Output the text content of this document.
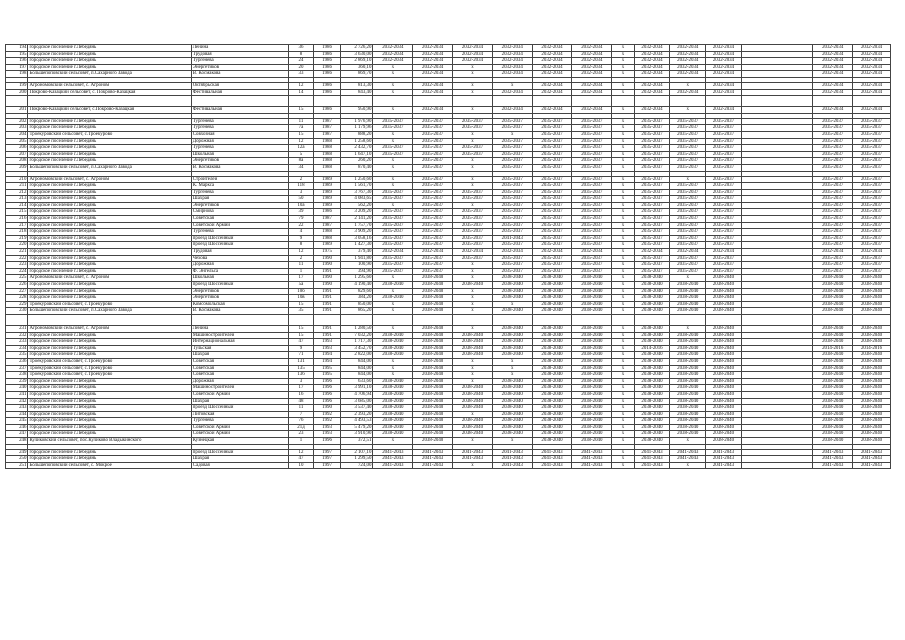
194	городское поселение г.Лебедянь	Ленина	36	1986	2 726,20	2032-2034	2032-2034	2032-2034	2032-2034	2032-2034	2032-2034	х	2032-2034	2032-2034	2032-2034		2032-2034	2032-2034
195	городское поселение г.Лебедянь	Трудовая	8	1986	3 630,00	2032-2034	2032-2034	2032-2034	2032-2034	2032-2034	2032-2034	х	2032-2034	2032-2034	2032-2034		2032-2034	2032-2034
196	городское поселение г.Лебедянь	Тургенева	24	1986	2 869,10	2032-2034	2032-2034	2032-2034	2032-2034	2032-2034	2032-2034	х	2032-2034	2032-2034	2032-2034		2032-2034	2032-2034
197	городское поселение г.Лебедянь	Энергетиков	20	1986	360,10	х	2032-2034	х	2032-2034	2032-2034	2032-2034	х	2032-2034	2032-2034	2032-2034		2032-2034	2032-2034
198	Большепоповский сельсовет, п.Сахарного Завода	В. Космакова	33	1986	869,70	х	2032-2034	х	2032-2034	2032-2034	2032-2034	х	2032-2034	2032-2034	2032-2034		2032-2034	2032-2034

199	Агрономовский сельсовет, с. Агроном	Октябрьская	12	1986	813,30	х	2032-2034	х	х	2032-2034	2032-2034	х	2032-2034	х	2032-2034		2032-2034	2032-2034
200	Покрово-Казацкий сельсовет, с. Покрово-Казацкая	Фестивальная	14	1986	843,40	х	2032-2034	х	2032-2034	2032-2034	2032-2034	х	2032-2034	2032-2034	2032-2034		2032-2034	2032-2034

201	Покрово-Казацкий сельсовет, с.Покрово-Казацкая	Фестивальная	15	1986	950,90	х	2032-2034	х	2032-2034	2032-2034	2032-2034	х	2032-2034	х	2032-2034		2032-2034	2032-2034

202	городское поселение г.Лебедянь	Тургенева	11	1987	1 976,90	2035-2037	2035-2037	2035-2037	2035-2037	2035-2037	2035-2037	х	2035-2037	2035-2037	2035-2037		2035-2037	2035-2037
203	городское поселение г.Лебедянь	Тургенева	7а	1987	1 179,96	2035-2037	2035-2037	2035-2037	2035-2037	2035-2037	2035-2037	х	2035-2037	2035-2037	2035-2037		2035-2037	2035-2037
204	Троекуровский сельсовет, с.Троекурово	Совхозная	15	1987	888,20	х	2035-2037	х	х	2035-2037	2035-2037	х	2035-2037	2035-2037	2035-2037		2035-2037	2035-2037
205	городское поселение г.Лебедянь	Дорожная	12	1988	1 258,60	х	2035-2037	х	2035-2037	2035-2037	2035-2037	х	2035-2037	2035-2037	2035-2037		2035-2037	2035-2037
206	городское поселение г.Лебедянь	Тургенева	12а	1988	2 432,70	2035-2037	2035-2037	2035-2037	2035-2037	2035-2037	2035-2037	х	2035-2037	2035-2037	2035-2037		2035-2037	2035-2037
207	городское поселение г.Лебедянь	Школьная	5	1988	1 647,10	2035-2037	2035-2037	2035-2037	2035-2037	2035-2037	2035-2037	х	2035-2037	2035-2037	2035-2037		2035-2037	2035-2037
208	городское поселение г.Лебедянь	Энергетиков	8а	1988	260,20	х	2035-2037	х	2035-2037	2035-2037	2035-2037	х	2035-2037	2035-2037	2035-2037		2035-2037	2035-2037
209	Большепоповский сельсовет, п.Сахарного Завода	В. Космакова	34	1988	870,40	х	2035-2037	х	2035-2037	2035-2037	2035-2037	х	2035-2037	2035-2037	2035-2037		2035-2037	2035-2037

210	Агрономовский сельсовет, с. Агроном	Строителей	2	1989	1 250,60	х	2035-2037	х	2035-2037	2035-2037	2035-2037	х	2035-2037	х	2035-2037		2035-2037	2035-2037
211	городское поселение г.Лебедянь	К. Маркса	118	1989	1 561,70	х	2035-2037	х	2035-2037	2035-2037	2035-2037	х	2035-2037	2035-2037	2035-2037		2035-2037	2035-2037
212	городское поселение г.Лебедянь	Тургенева	3	1989	3 767,30	2035-2037	2035-2037	2035-2037	2035-2037	2035-2037	2035-2037	х	2035-2037	2035-2037	2035-2037		2035-2037	2035-2037
213	городское поселение г.Лебедянь	Шахрая	50	1989	4 083,65	2035-2037	2035-2037	2035-2037	2035-2037	2035-2037	2035-2037	х	2035-2037	2035-2037	2035-2037		2035-2037	2035-2037
214	городское поселение г.Лебедянь	Энергетиков	10а	1989	562,20	х	2035-2037	х	2035-2037	2035-2037	2035-2037	х	2035-2037	2035-2037	2035-2037		2035-2037	2035-2037
215	городское поселение г.Лебедянь	Смирнова	39	1986	3 209,20	2035-2037	2035-2037	2035-2037	2035-2037	2035-2037	2035-2037	х	2035-2037	2035-2037	2035-2037		2035-2037	2035-2037
216	городское поселение г.Лебедянь	Советская	79	1987	2 141,20	2035-2037	2035-2037	2035-2037	2035-2037	2035-2037	2035-2037	х	2035-2037	2035-2037	2035-2037		2035-2037	2035-2037
217	городское поселение г.Лебедянь	Советской Армии	22	1987	1 757,70	2035-2037	2035-2037	2035-2037	2035-2037	2035-2037	2035-2037	х	2035-2037	2035-2037	2035-2037		2035-2037	2035-2037
218	городское поселение г.Лебедянь	Тургенева	4	1988	3 909,20	2035-2037	2035-2037	2035-2037	2035-2037	2035-2037	2035-2037	х	2035-2037	2035-2037	2035-2037		2035-2037	2035-2037
219	городское поселение г.Лебедянь	проезд Шоссейный	9	1988	3 058,16	2035-2037	2035-2037	2035-2037	2041-2043	2035-2037	2035-2037	х	2035-2037	2035-2037	2035-2037		2035-2037	2035-2037
220	городское поселение г.Лебедянь	проезд Шоссейный	8	1989	1 427,30	2035-2037	2035-2037	2035-2037	2035-2037	2035-2037	2035-2037	х	2035-2037	2035-2037	2035-2037		2035-2037	2035-2037
221	городское поселение г.Лебедянь	Трудовая	12	1975	379,40	2032-2034	2032-2034	2032-2034	2032-2034	2032-2034	2032-2034	х	2032-2034	2032-2034	2032-2034		2032-2034	2032-2034
222	городское поселение г.Лебедянь	Чехова	2	1990	1 941,80	2035-2037	2035-2037	2035-2037	2035-2037	2035-2037	2035-2037	х	2035-2037	2035-2037	2035-2037		2035-2037	2035-2037
223	городское поселение г.Лебедянь	Дорожная	11	1990	100,90	2035-2037	2035-2037	х	2035-2037	2035-2037	2035-2037	х	2035-2037	2035-2037	2035-2037		2035-2037	2035-2037
224	городское поселение г.Лебедянь	Ф. Энгельса	1	1991	394,90	2035-2037	2035-2037	х	2035-2037	2035-2037	2035-2037	х	2035-2037	2035-2037	2035-2037		2035-2037	2035-2037
225	Агрономовский сельсовет, с. Агроном	Школьная	17	1990	1 295,60	х	2038-2040	х	2038-2040	2038-2040	2038-2040	х	2038-2040	х	2038-2040		2038-2040	2038-2040
226	городское поселение г.Лебедянь	проезд Шоссейный	5а	1990	4 190,40	2038-2040	2038-2040	2038-2040	2038-2040	2038-2040	2038-2040	х	2038-2040	2038-2040	2038-2040		2038-2040	2038-2040
227	городское поселение г.Лебедянь	Энергетиков	10б	1991	829,60	х	2038-2040	х	2038-2040	2038-2040	2038-2040	х	2038-2040	2038-2040	2038-2040		2038-2040	2038-2040
228	городское поселение г.Лебедянь	Энергетиков	10в	1991	384,20	2038-2040	2038-2040	х	2038-2040	2038-2040	2038-2040	х	2038-2040	2038-2040	2038-2040		2038-2040	2038-2040
229	Троекуровский сельсовет, с.Троекурово	Комсомольская	15	1991	850,00	х	2038-2040	х	х	2038-2040	2038-2040	х	2038-2040	2038-2040	2038-2040		2038-2040	2038-2040
230	Большепоповский сельсовет, п.Сахарного Завода	В. Космакова	35	1991	865,20	х	2038-2040	х	2038-2040	2038-2040	2038-2040	х	2038-2040	2038-2040	2038-2040		2038-2040	2038-2040

231	Агрономовский сельсовет, с. Агроном	Ленина	15	1991	1 280,50	х	2038-2040	х	2038-2040	2038-2040	2038-2040	х	2038-2040	х	2038-2040		2038-2040	2038-2040
232	городское поселение г.Лебедянь	Машиностроителей	15	1991	7 032,20	2038-2040	2038-2040	2038-2040	2038-2040	2038-2040	2038-2040	х	2038-2040	2038-2040	2038-2040		2038-2040	2038-2040
233	городское поселение г.Лебедянь	Интернациональная	47	1993	1 717,30	2038-2040	2038-2040	2038-2040	2038-2040	2038-2040	2038-2040	х	2038-2040	2038-2040	2038-2040		2038-2040	2038-2040
234	городское поселение г.Лебедянь	Тульская	9	1993	3 452,70	2038-2040	2038-2040	2038-2040	2038-2040	2038-2040	2038-2040	х	2014-2016	2038-2040	2038-2040		2014-2016	2014-2016
235	городское поселение г.Лебедянь	Шахрая	71	1994	2 822,00	2038-2040	2038-2040	2038-2040	2038-2040	2038-2040	2038-2040	х	2038-2040	2038-2040	2038-2040		2038-2040	2038-2040
236	Троекуровский сельсовет, с.Троекурово	Советская	131	1994	844,00	х	2038-2040	х	х	2038-2040	2038-2040	х	2038-2040	2038-2040	2038-2040		2038-2040	2038-2040
237	Троекуровский сельсовет, с.Троекурово	Советская	135	1995	844,00	х	2038-2040	х	х	2038-2040	2038-2040	х	2038-2040	2038-2040	2038-2040		2038-2040	2038-2040
238	Троекуровский сельсовет, с.Троекурово	Советская	136	1995	844,00	х	2038-2040	х	х	2038-2040	2038-2040	х	2038-2040	2038-2040	2038-2040		2038-2040	2038-2040
239	городское поселение г.Лебедянь	Дорожная	3	1996	633,60	2038-2040	2038-2040	х	2038-2040	2038-2040	2038-2040	х	2038-2040	2038-2040	2038-2040		2038-2040	2038-2040
240	городское поселение г.Лебедянь	Машиностроителей	17	1996	3 991,10	2038-2040	2038-2040	2038-2040	2038-2040	2038-2040	2038-2040	х	2038-2040	2038-2040	2038-2040		2038-2040	2038-2040
241	городское поселение г.Лебедянь	Советской Армии	16	1996	4 706,94	2038-2040	2038-2040	2038-2040	2038-2040	2038-2040	2038-2040	х	2038-2040	2038-2040	2038-2040		2038-2040	2038-2040
242	городское поселение г.Лебедянь	Шахрая	48	1996	3 685,00	2038-2040	2038-2040	2038-2040	2038-2040	2038-2040	2038-2040	х	2038-2040	2038-2040	2038-2040		2038-2040	2038-2040
243	городское поселение г.Лебедянь	проезд Шоссейный	11	1990	3 537,40	2038-2040	2038-2040	2038-2040	2038-2040	2038-2040	2038-2040	х	2038-2040	2038-2040	2038-2040		2038-2040	2038-2040
244	городское поселение г.Лебедянь	Литовская	7	1992	2 393,20	2038-2040	2038-2040	х	2038-2040	2038-2040	2038-2040	х	2038-2040	2038-2040	2038-2040		2038-2040	2038-2040
245	городское поселение г.Лебедянь	Тургенева	76	1992	4 493,53	2038-2040	2038-2040	2038-2040	2038-2040	2038-2040	2038-2040	х	2038-2040	2038-2040	2038-2040		2038-2040	2038-2040
246	городское поселение г.Лебедянь	Советской Армии	21д	1993	5 479,20	2038-2040	2038-2040	2038-2040	2038-2040	2038-2040	2038-2040	х	2038-2040	2038-2040	2038-2040		2038-2040	2038-2040
247	городское поселение г.Лебедянь	Советской Армии	23	1993	3 910,90	2038-2040	2038-2040	2038-2040	2038-2040	2038-2040	2038-2040	х	2038-2040	2038-2040	2038-2040		2038-2040	2038-2040
248	Куликовский сельсовет, пос.Куликово Владыкинского	Кузнецкая	1	1996	372,51	х	2038-2040	х	х	2038-2040	2038-2040	х	2038-2040	х	2038-2040		2038-2040	2038-2040

249	городское поселение г.Лебедянь	проезд Шоссейный	12	1997	2 107,10	2041-2043	2041-2043	2041-2043	2041-2043	2041-2043	2041-2043	х	2041-2043	2041-2043	2041-2043		2041-2043	2041-2043
250	городское поселение г.Лебедянь	Шахрая	47	1997	1 299,50	2041-2043	2041-2043	2041-2043	2041-2043	2041-2043	2041-2043	х	2041-2043	2041-2043	2041-2043		2041-2043	2041-2043
251	Большепоповский сельсовет, с. Мокрое	Садовая	10	1997	724,00	2041-2043	2041-2043	х	2041-2043	2041-2043	2041-2043	х	2041-2043	х	2041-2043		2041-2043	2041-2043
